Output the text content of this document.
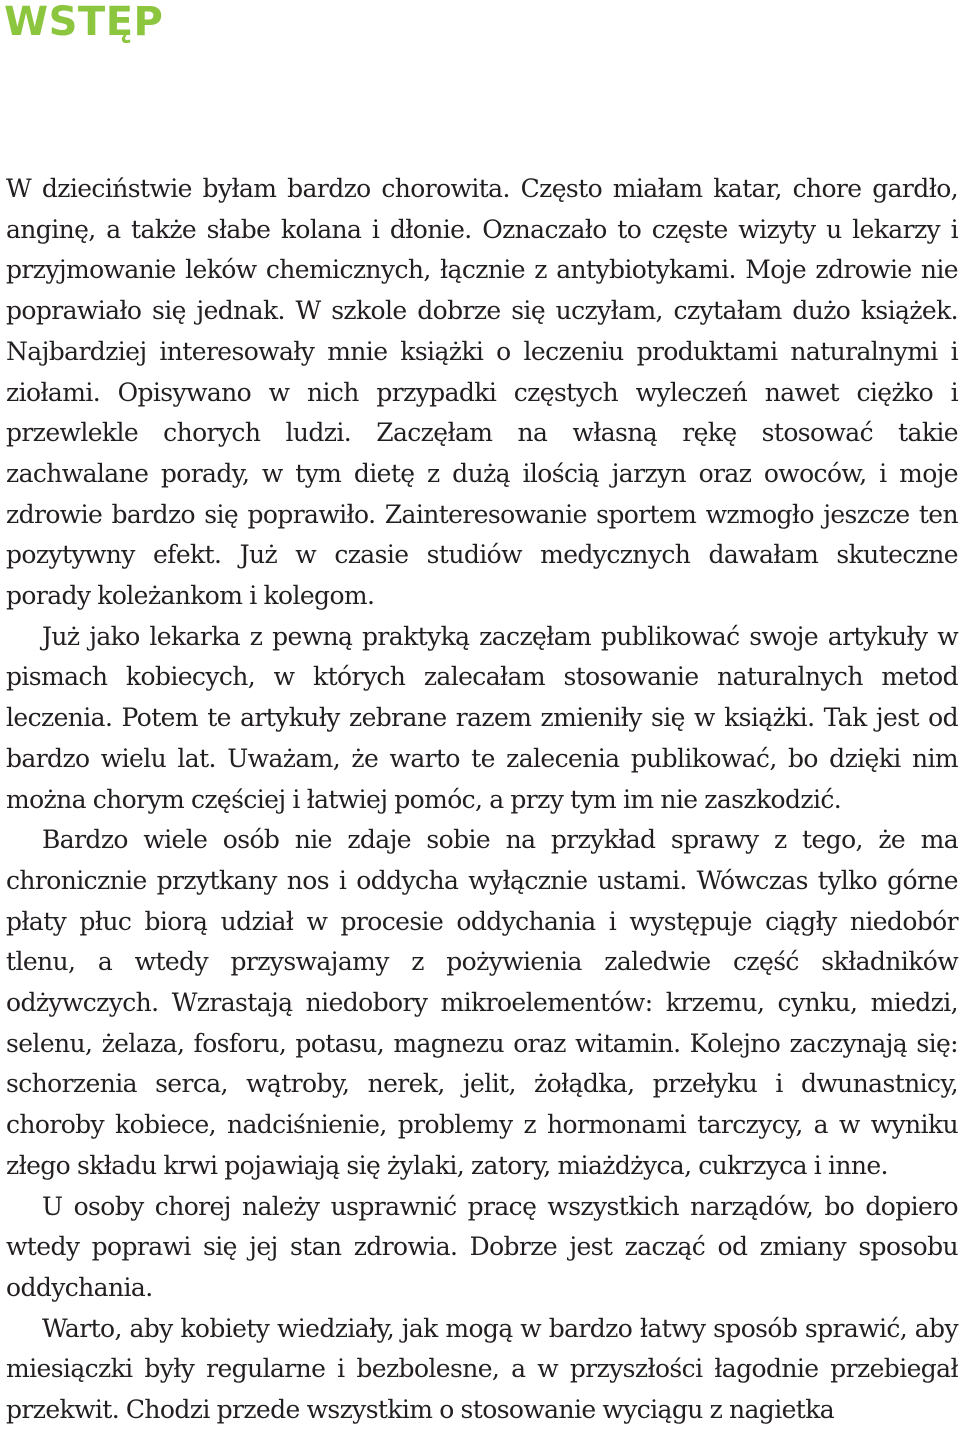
WSTĘP

W dzieciństwie byłam bardzo chorowita. Często miałam katar, chore gardło, anginę, a także słabe kolana i dłonie. Oznaczało to częste wizyty u lekarzy i przyjmowanie leków chemicznych, łącznie z antybiotykami. Moje zdrowie nie poprawiało się jednak. W szkole dobrze się uczyłam, czytałam dużo książek. Najbardziej interesowały mnie książki o leczeniu produktami naturalnymi i ziołami. Opisywano w nich przypadki częstych wyleczeń nawet ciężko i przewlekle chorych ludzi. Zaczęłam na własną rękę stosować takie zachwalane porady, w tym dietę z dużą ilością jarzyn oraz owoców, i moje zdrowie bardzo się poprawiło. Zainteresowanie sportem wzmogło jeszcze ten pozytywny efekt. Już w czasie studiów medycznych dawałam skuteczne porady koleżankom i kolegom.

Już jako lekarka z pewną praktyką zaczęłam publikować swoje artykuły w pismach kobiecych, w których zalecałam stosowanie naturalnych metod leczenia. Potem te artykuły zebrane razem zmieniły się w książki. Tak jest od bardzo wielu lat. Uważam, że warto te zalecenia publikować, bo dzięki nim można chorym częściej i łatwiej pomóc, a przy tym im nie zaszkodzić.

Bardzo wiele osób nie zdaje sobie na przykład sprawy z tego, że ma chronicznie przytkany nos i oddycha wyłącznie ustami. Wówczas tylko górne płaty płuc biorą udział w procesie oddychania i występuje ciągły niedobór tlenu, a wtedy przyswajamy z pożywienia zaledwie część składników odżywczych. Wzrastają niedobory mikroelementów: krzemu, cynku, miedzi, selenu, żelaza, fosforu, potasu, magnezu oraz witamin. Kolejno zaczynają się: schorzenia serca, wątroby, nerek, jelit, żołądka, przełyku i dwunastnicy, choroby kobiece, nadciśnienie, problemy z hormonami tarczycy, a w wyniku złego składu krwi pojawiają się żylaki, zatory, miażdżyca, cukrzyca i inne.

U osoby chorej należy usprawnić pracę wszystkich narządów, bo dopiero wtedy poprawi się jej stan zdrowia. Dobrze jest zacząć od zmiany sposobu oddychania.

Warto, aby kobiety wiedziały, jak mogą w bardzo łatwy sposób sprawić, aby miesiączki były regularne i bezbolesne, a w przyszłości łagodnie przebiegał przekwit. Chodzi przede wszystkim o stosowanie wyciągu z nagietka
